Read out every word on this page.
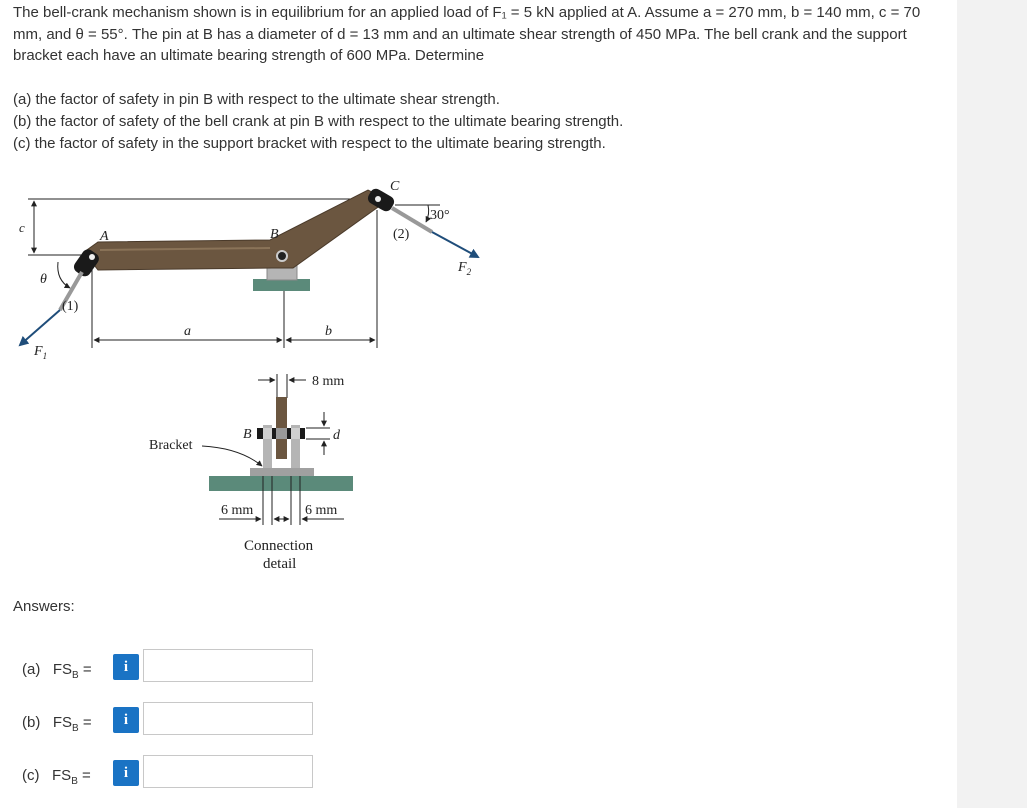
The bell-crank mechanism shown is in equilibrium for an applied load of F₁ = 5 kN applied at A. Assume a = 270 mm, b = 140 mm, c = 70 mm, and θ = 55°. The pin at B has a diameter of d = 13 mm and an ultimate shear strength of 450 MPa. The bell crank and the support bracket each have an ultimate bearing strength of 600 MPa. Determine

(a) the factor of safety in pin B with respect to the ultimate shear strength.
(b) the factor of safety of the bell crank at pin B with respect to the ultimate bearing strength.
(c) the factor of safety in the support bracket with respect to the ultimate bearing strength.
c
a	b
B
A
(1)
$F_1$
θ
C
(2)
$F_2$
30°
8 mm
B	d
Bracket
6 mm	6 mm
Connection
detail
Answers:
(a) $FS_B$ =	i
(b) $FS_B$ =	i
(c) $FS_B$ =	i
